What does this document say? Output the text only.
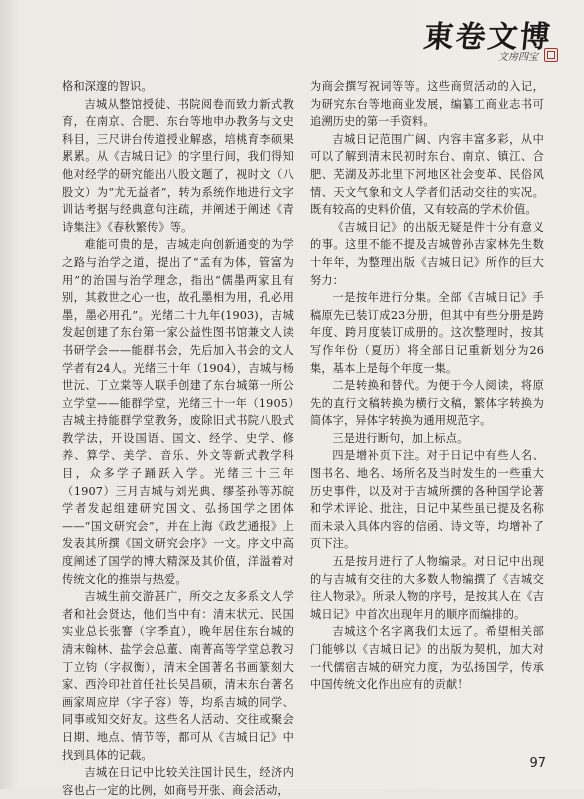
東卷文博
文房四宝

格和深邃的智识。

吉城从整馆授徒、书院阅卷而致力新式教育，在南京、合肥、东台等地申办教务与文史科目，三尺讲台传道授业解惑，培桃育李硕果累累。从《吉城日记》的字里行间，我们得知他对经学的研究能出八股文题了，视时文（八股文）为“尤无益者”，转为系统作地进行文字训诂考据与经典意句注疏，并阐述于阐述《青诗集注》《春秋繁传》等。

难能可贵的是，吉城走向创新通变的为学之路与治学之道，提出了“孟有为体，管富为用”的治国与治学理念，指出“儒墨两家且有别，其救世之心一也，故孔墨相为用，孔必用墨，墨必用孔”。光绪二十九年(1903)，吉城发起创建了东台第一家公益性图书馆兼文人读书研学会——能群书会，先后加入书会的文人学者有24人。光绪三十年（1904），吉城与杨世沅、丁立棠等人联手创建了东台城第一所公立学堂——能群学堂，光绪三十一年（1905）吉城主持能群学堂教务，废除旧式书院八股式教学法，开设国语、国文、经学、史学、修养、算学、美学、音乐、外文等新式教学科目，众多学子踊跃入学。光绪三十三年（1907）三月吉城与刘光典、缪荃孙等苏皖学者发起组建研究国文、弘扬国学之团体——“国文研究会”，并在上海《政艺通报》上发表其所撰《国文研究会序》一文。序文中高度阐述了国学的博大精深及其价值，洋溢着对传统文化的推崇与热爱。

吉城生前交游甚广，所交之友多系文人学者和社会贤达，他们当中有：清末状元、民国实业总长张謇（字季直），晚年居住东台城的清末翰林、盐学会总董、南菁高等学堂总教习丁立钧（字叔衡），清末全国著名书画篆刻大家、西泠印社首任社长吴昌硕，清末东台著名画家周应岸（字子容）等，均系吉城的同学、同事或知交好友。这些名人活动、交往或聚会日期、地点、情节等，都可从《吉城日记》中找到具体的记载。

吉城在日记中比较关注国计民生，经济内容也占一定的比例，如商号开张、商会活动，

为商会撰写祝词等等。这些商贸活动的入记，为研究东台等地商业发展，编纂工商业志书可追溯历史的第一手资料。

吉城日记范围广阔、内容丰富多彩，从中可以了解到清末民初时东台、南京、镇江、合肥、芜湖及苏北里下河地区社会变革、民俗风情、天文气象和文人学者们活动交往的实况。既有较高的史料价值，又有较高的学术价值。

《吉城日记》的出版无疑是件十分有意义的事。这里不能不提及吉城曾孙吉家林先生数十年年，为整理出版《吉城日记》所作的巨大努力：

一是按年进行分集。全部《吉城日记》手稿原先已装订成23分册，但其中有些分册是跨年度、跨月度装订成册的。这次整理时，按其写作年份（夏历）将全部日记重新划分为26集，基本上是每个年度一集。

二是转换和替代。为便于今人阅读，将原先的直行文稿转换为横行文稿，繁体字转换为简体字，异体字转换为通用规范字。

三是进行断句，加上标点。

四是增补页下注。对于日记中有些人名、图书名、地名、场所名及当时发生的一些重大历史事件，以及对于吉城所撰的各种国学论著和学术评论、批注，日记中某些虽已提及名称而未录入具体内容的信函、诗文等，均增补了页下注。

五是按月进行了人物编录。对日记中出现的与吉城有交往的大多数人物编撰了《吉城交往人物录》。所录人物的序号，是按其人在《吉城日记》中首次出现年月的顺序而编排的。

吉城这个名字离我们太远了。希望相关部门能够以《吉城日记》的出版为契机，加大对一代儒宿吉城的研究力度，为弘扬国学，传承中国传统文化作出应有的贡献！

97
